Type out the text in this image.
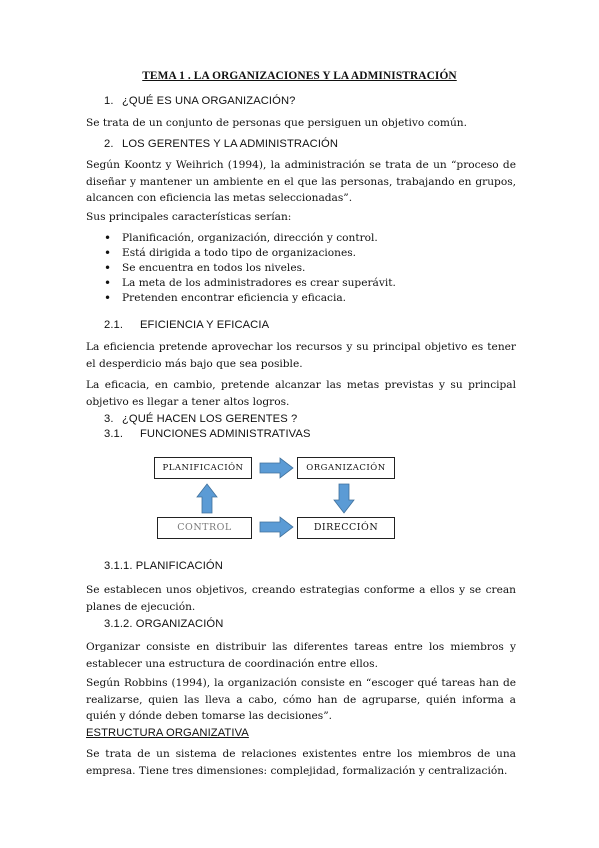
TEMA 1 . LA ORGANIZACIONES Y LA ADMINISTRACIÓN
1. ¿QUÉ ES UNA ORGANIZACIÓN?
Se trata de un conjunto de personas que persiguen un objetivo común.
2. LOS GERENTES Y LA ADMINISTRACIÓN
Según Koontz y Weihrich (1994), la administración se trata de un “proceso de diseñar y mantener un ambiente en el que las personas, trabajando en grupos, alcancen con eficiencia las metas seleccionadas”.
Sus principales características serían:
• Planificación, organización, dirección y control.
• Está dirigida a todo tipo de organizaciones.
• Se encuentra en todos los niveles.
• La meta de los administradores es crear superávit.
• Pretenden encontrar eficiencia y eficacia.
2.1. EFICIENCIA Y EFICACIA
La eficiencia pretende aprovechar los recursos y su principal objetivo es tener el desperdicio más bajo que sea posible.
La eficacia, en cambio, pretende alcanzar las metas previstas y su principal objetivo es llegar a tener altos logros.
3. ¿QUÉ HACEN LOS GERENTES ?
3.1. FUNCIONES ADMINISTRATIVAS
PLANIFICACIÓN	ORGANIZACIÓN
CONTROL	DIRECCIÓN
3.1.1. PLANIFICACIÓN
Se establecen unos objetivos, creando estrategias conforme a ellos y se crean planes de ejecución.
3.1.2. ORGANIZACIÓN
Organizar consiste en distribuir las diferentes tareas entre los miembros y establecer una estructura de coordinación entre ellos.
Según Robbins (1994), la organización consiste en “escoger qué tareas han de realizarse, quien las lleva a cabo, cómo han de agruparse, quién informa a quién y dónde deben tomarse las decisiones”.
ESTRUCTURA ORGANIZATIVA
Se trata de un sistema de relaciones existentes entre los miembros de una empresa. Tiene tres dimensiones: complejidad, formalización y centralización.
